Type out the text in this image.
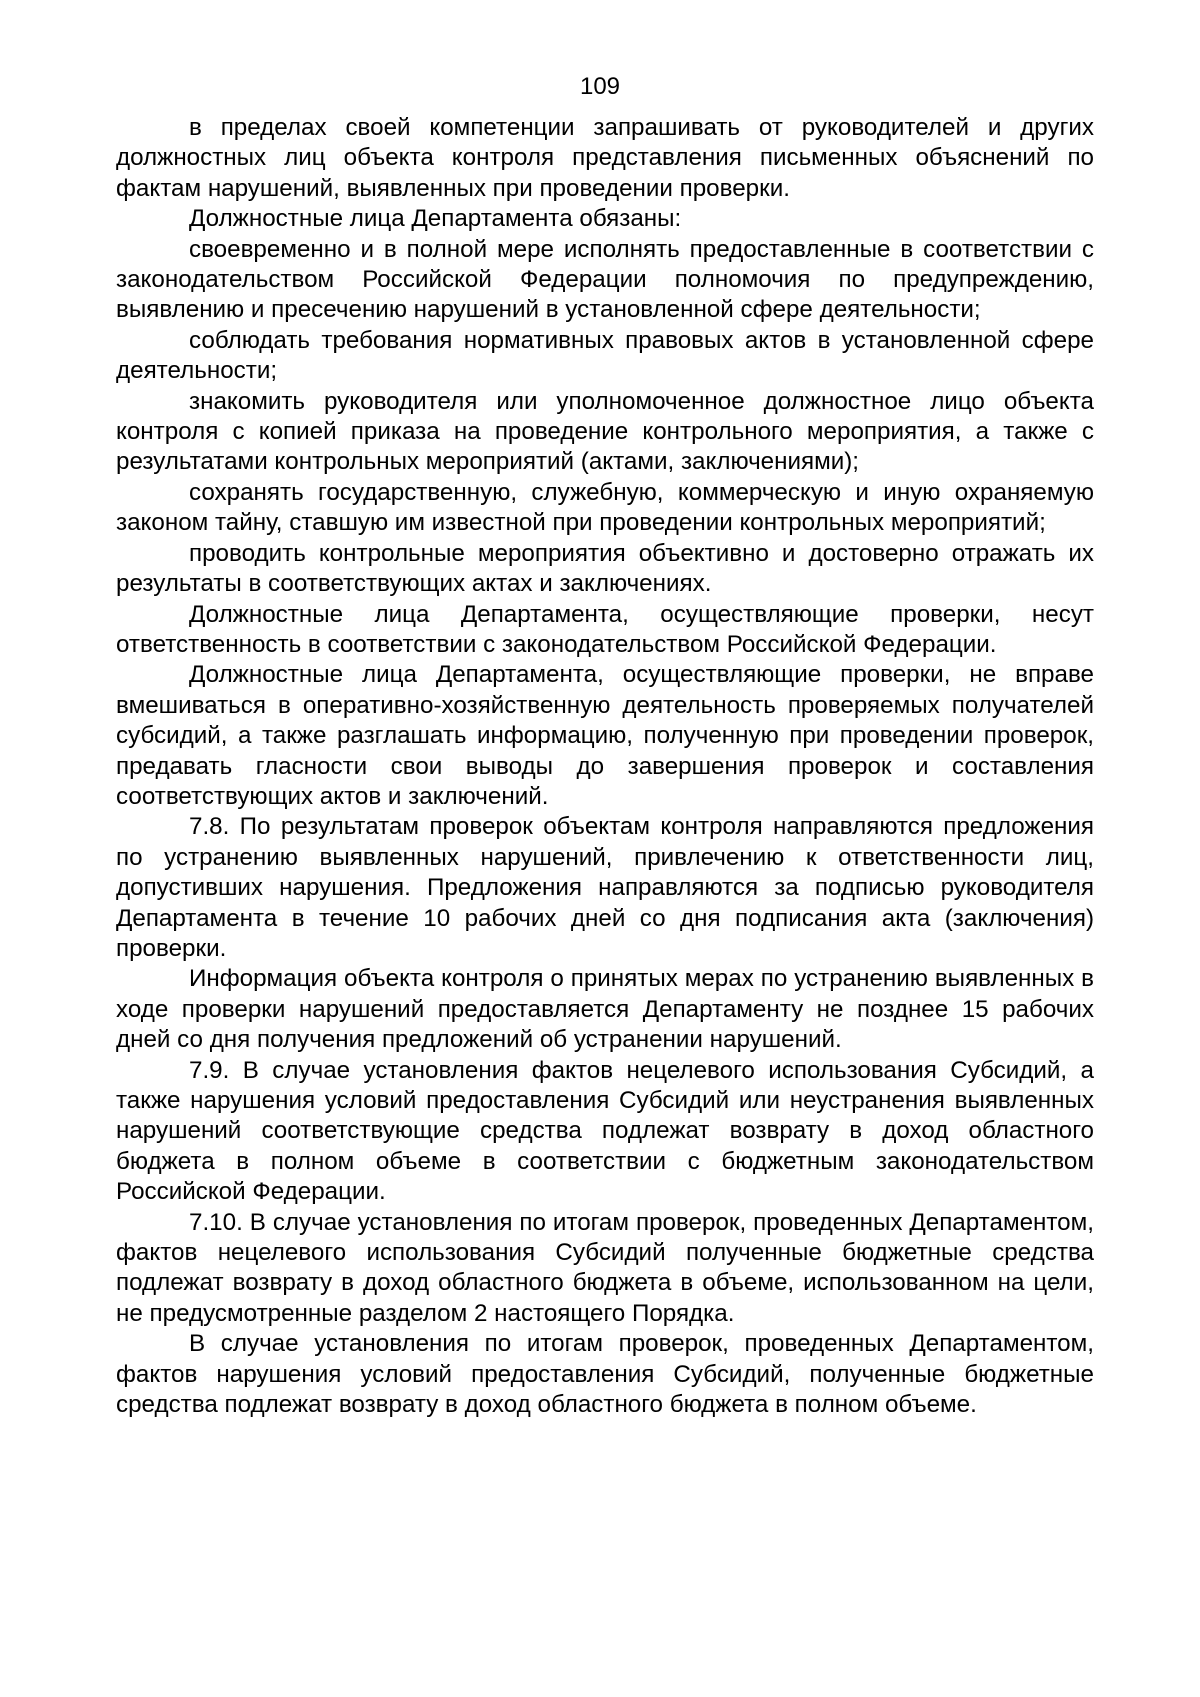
109

в пределах своей компетенции запрашивать от руководителей и других должностных лиц объекта контроля представления письменных объяснений по фактам нарушений, выявленных при проведении проверки.

Должностные лица Департамента обязаны:

своевременно и в полной мере исполнять предоставленные в соответствии с законодательством Российской Федерации полномочия по предупреждению, выявлению и пресечению нарушений в установленной сфере деятельности;

соблюдать требования нормативных правовых актов в установленной сфере деятельности;

знакомить руководителя или уполномоченное должностное лицо объекта контроля с копией приказа на проведение контрольного мероприятия, а также с результатами контрольных мероприятий (актами, заключениями);

сохранять государственную, служебную, коммерческую и иную охраняемую законом тайну, ставшую им известной при проведении контрольных мероприятий;

проводить контрольные мероприятия объективно и достоверно отражать их результаты в соответствующих актах и заключениях.

Должностные лица Департамента, осуществляющие проверки, несут ответственность в соответствии с законодательством Российской Федерации.

Должностные лица Департамента, осуществляющие проверки, не вправе вмешиваться в оперативно-хозяйственную деятельность проверяемых получателей субсидий, а также разглашать информацию, полученную при проведении проверок, предавать гласности свои выводы до завершения проверок и составления соответствующих актов и заключений.

7.8. По результатам проверок объектам контроля направляются предложения по устранению выявленных нарушений, привлечению к ответственности лиц, допустивших нарушения. Предложения направляются за подписью руководителя Департамента в течение 10 рабочих дней со дня подписания акта (заключения) проверки.

Информация объекта контроля о принятых мерах по устранению выявленных в ходе проверки нарушений предоставляется Департаменту не позднее 15 рабочих дней со дня получения предложений об устранении нарушений.

7.9. В случае установления фактов нецелевого использования Субсидий, а также нарушения условий предоставления Субсидий или неустранения выявленных нарушений соответствующие средства подлежат возврату в доход областного бюджета в полном объеме в соответствии с бюджетным законодательством Российской Федерации.

7.10. В случае установления по итогам проверок, проведенных Департаментом, фактов нецелевого использования Субсидий полученные бюджетные средства подлежат возврату в доход областного бюджета в объеме, использованном на цели, не предусмотренные разделом 2 настоящего Порядка.

В случае установления по итогам проверок, проведенных Департаментом, фактов нарушения условий предоставления Субсидий, полученные бюджетные средства подлежат возврату в доход областного бюджета в полном объеме.
